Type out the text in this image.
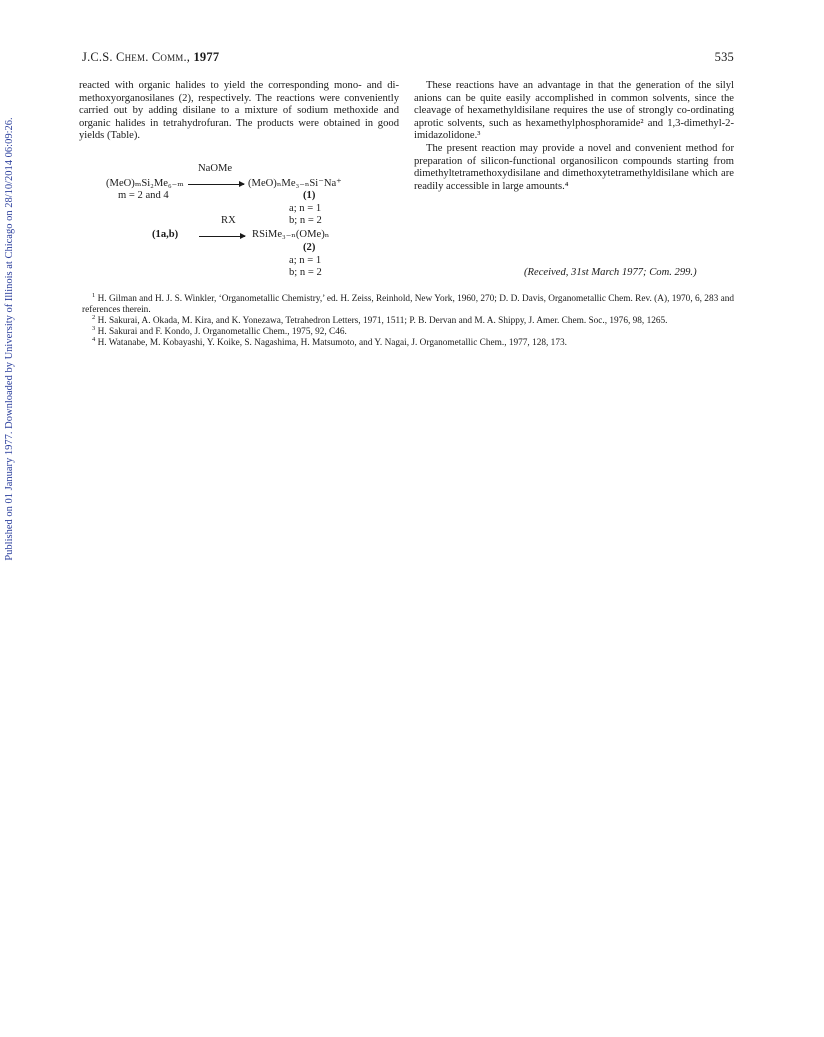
Published on 01 January 1977. Downloaded by University of Illinois at Chicago on 28/10/2014 06:09:26.
J.C.S. Chem. Comm., 1977	535

reacted with organic halides to yield the corresponding mono- and di-methoxyorganosilanes (2), respectively. The reactions were conveniently carried out by adding disilane to a mixture of sodium methoxide and organic halides in tetrahydrofuran. The products were obtained in good yields (Table).

NaOMe
(MeO)ₘSi₂Me₆₋ₘ	(MeO)ₙMe₃₋ₙSi⁻Na⁺
m = 2 and 4	(1)
a; n = 1
b; n = 2
RX
(1a,b)	RSiMe₃₋ₙ(OMe)ₙ
(2)
a; n = 1
b; n = 2

These reactions have an advantage in that the generation of the silyl anions can be quite easily accomplished in common solvents, since the cleavage of hexamethyldisilane requires the use of strongly co-ordinating aprotic solvents, such as hexamethylphosphoramide² and 1,3-dimethyl-2-imidazolidone.³

The present reaction may provide a novel and convenient method for preparation of silicon-functional organosilicon compounds starting from dimethyltetramethoxydisilane and dimethoxytetramethyldisilane which are readily accessible in large amounts.⁴

(Received, 31st March 1977; Com. 299.)

$^1$ H. Gilman and H. J. S. Winkler, ‘Organometallic Chemistry,’ ed. H. Zeiss, Reinhold, New York, 1960, 270; D. D. Davis, Organometallic Chem. Rev. (A), 1970, 6, 283 and references therein.

$^2$ H. Sakurai, A. Okada, M. Kira, and K. Yonezawa, Tetrahedron Letters, 1971, 1511; P. B. Dervan and M. A. Shippy, J. Amer. Chem. Soc., 1976, 98, 1265.

$^3$ H. Sakurai and F. Kondo, J. Organometallic Chem., 1975, 92, C46.

$^4$ H. Watanabe, M. Kobayashi, Y. Koike, S. Nagashima, H. Matsumoto, and Y. Nagai, J. Organometallic Chem., 1977, 128, 173.
